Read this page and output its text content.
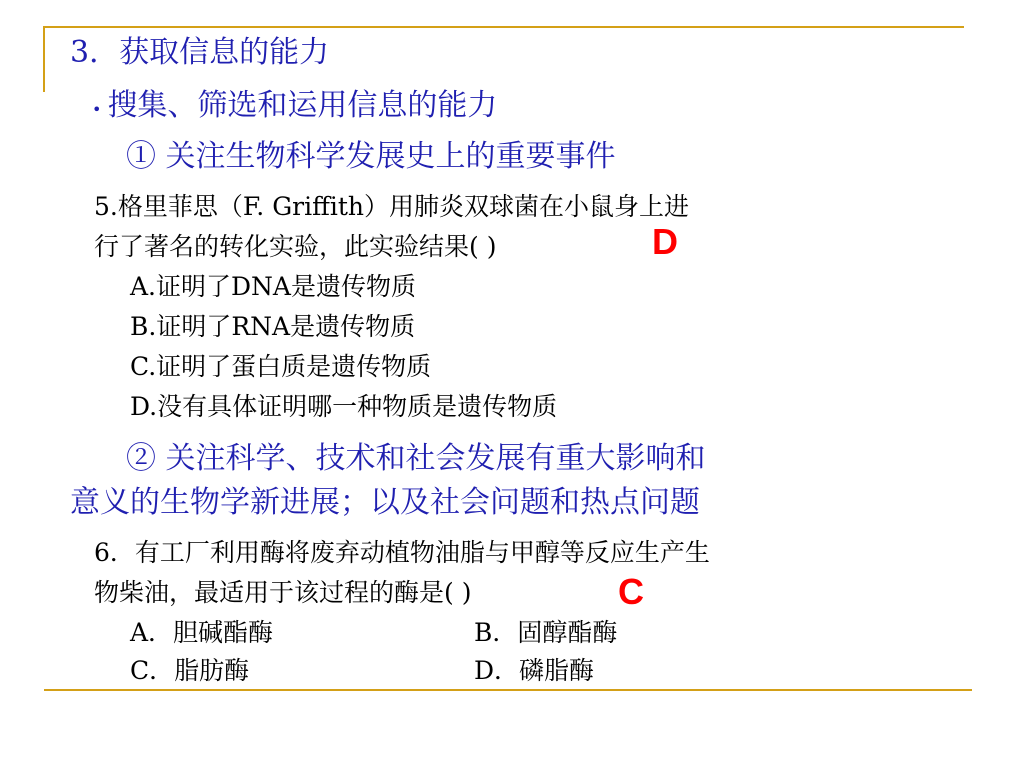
3．获取信息的能力
• 搜集、筛选和运用信息的能力
① 关注生物科学发展史上的重要事件
5.格里菲思（F. Griffith）用肺炎双球菌在小鼠身上进
行了著名的转化实验，此实验结果( )	D
A.证明了DNA是遗传物质
B.证明了RNA是遗传物质
C.证明了蛋白质是遗传物质
D.没有具体证明哪一种物质是遗传物质
② 关注科学、技术和社会发展有重大影响和
意义的生物学新进展；以及社会问题和热点问题
6．有工厂利用酶将废弃动植物油脂与甲醇等反应生产生
物柴油，最适用于该过程的酶是( )	C
A．胆碱酯酶	B．固醇酯酶
C．脂肪酶	D．磷脂酶
